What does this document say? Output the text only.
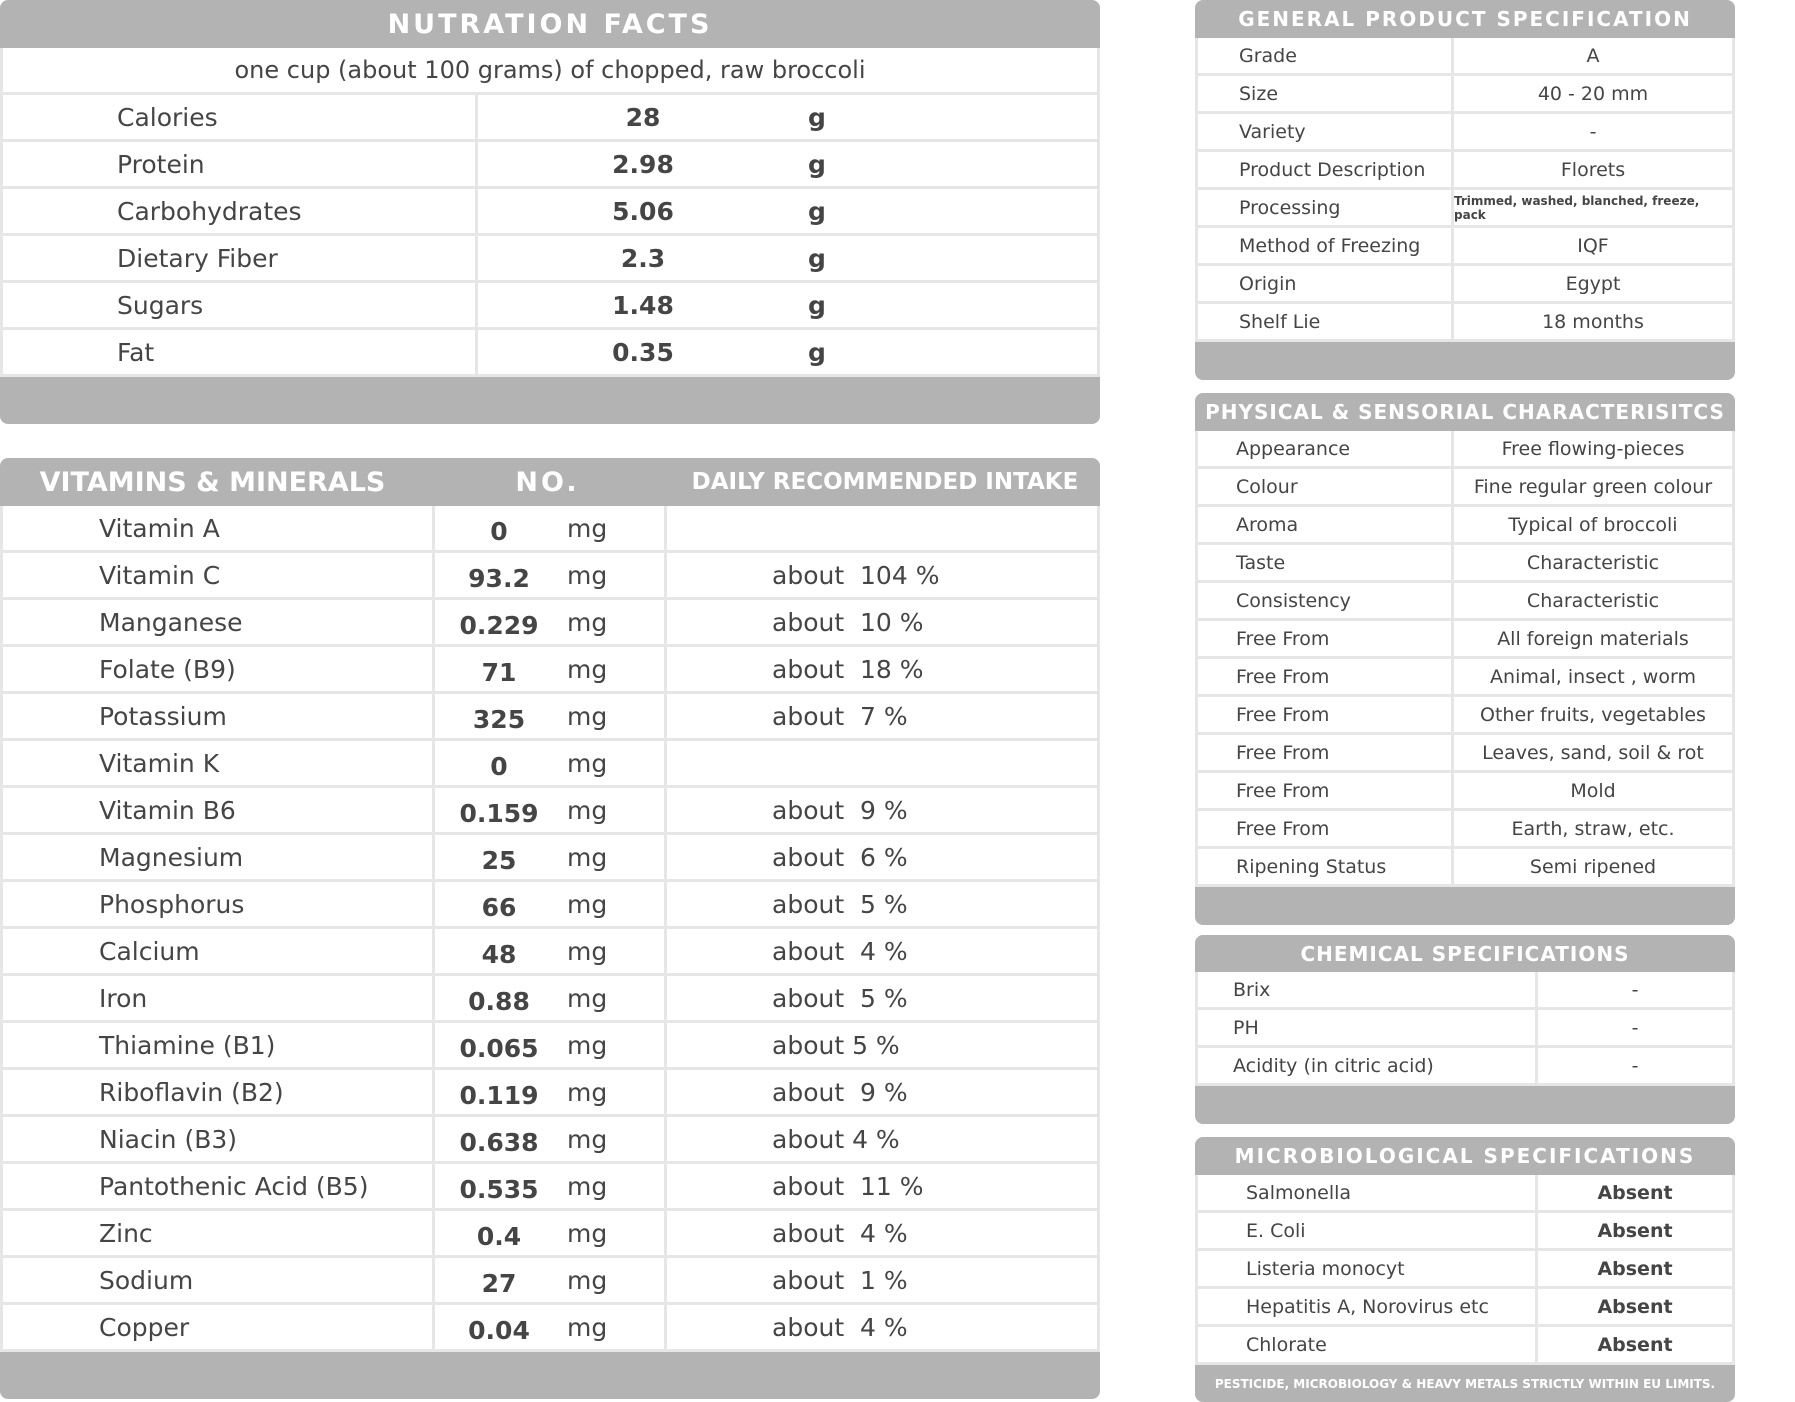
NUTRATION FACTS
one cup (about 100 grams) of chopped, raw broccoli
Calories	28	g
Protein	2.98	g
Carbohydrates	5.06	g
Dietary Fiber	2.3	g
Sugars	1.48	g
Fat	0.35	g
VITAMINS & MINERALS	NO.	DAILY RECOMMENDED INTAKE
Vitamin A	0	mg
Vitamin C	93.2	mg	about  104 %
Manganese	0.229	mg	about  10 %
Folate (B9)	71	mg	about  18 %
Potassium	325	mg	about  7 %
Vitamin K	0	mg
Vitamin B6	0.159	mg	about  9 %
Magnesium	25	mg	about  6 %
Phosphorus	66	mg	about  5 %
Calcium	48	mg	about  4 %
Iron	0.88	mg	about  5 %
Thiamine (B1)	0.065	mg	about 5 %
Riboflavin (B2)	0.119	mg	about  9 %
Niacin (B3)	0.638	mg	about 4 %
Pantothenic Acid (B5)	0.535	mg	about  11 %
Zinc	0.4	mg	about  4 %
Sodium	27	mg	about  1 %
Copper	0.04	mg	about  4 %
GENERAL PRODUCT SPECIFICATION
Grade	A
Size	40 - 20 mm
Variety	-
Product Description	Florets
Processing	Trimmed, washed, blanched, freeze, pack
Method of Freezing	IQF
Origin	Egypt
Shelf Lie	18 months
PHYSICAL & SENSORIAL CHARACTERISITCS
Appearance	Free flowing-pieces
Colour	Fine regular green colour
Aroma	Typical of broccoli
Taste	Characteristic
Consistency	Characteristic
Free From	All foreign materials
Free From	Animal, insect , worm
Free From	Other fruits, vegetables
Free From	Leaves, sand, soil & rot
Free From	Mold
Free From	Earth, straw, etc.
Ripening Status	Semi ripened
CHEMICAL SPECIFICATIONS
Brix	-
PH	-
Acidity (in citric acid)	-
MICROBIOLOGICAL SPECIFICATIONS
Salmonella	Absent
E. Coli	Absent
Listeria monocyt	Absent
Hepatitis A, Norovirus etc	Absent
Chlorate	Absent
PESTICIDE, MICROBIOLOGY & HEAVY METALS STRICTLY WITHIN EU LIMITS.
